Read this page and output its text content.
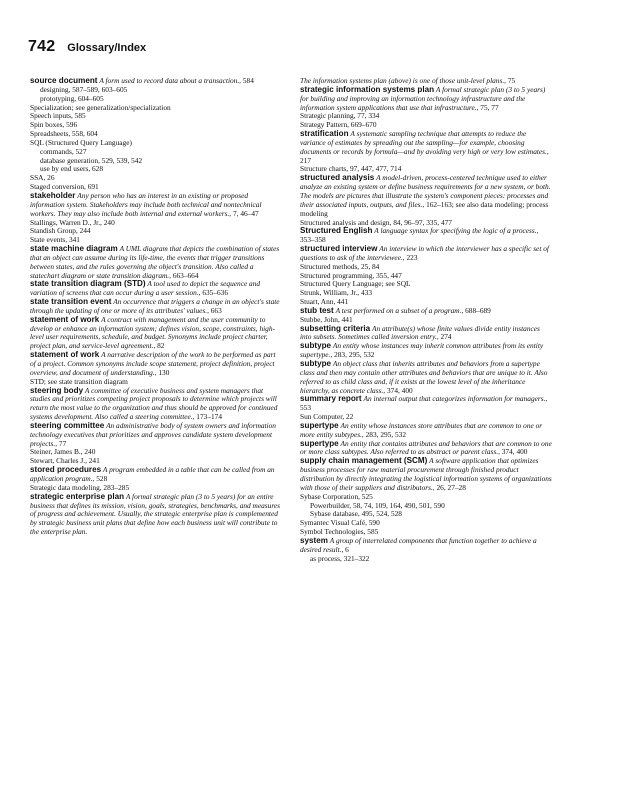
742 Glossary/Index

source document A form used to record data about a transaction., 584

designing, 587–589, 603–605

prototyping, 604–605

Specialization; see generalization/specialization

Speech inputs, 585

Spin boxes, 596

Spreadsheets, 558, 604

SQL (Structured Query Language)

commands, 527

database generation, 529, 539, 542

use by end users, 628

SSA, 26

Staged conversion, 691

stakeholder Any person who has an interest in an existing or proposed information system. Stakeholders may include both technical and nontechnical workers. They may also include both internal and external workers., 7, 46–47

Stallings, Warren D., Jr., 240

Standish Group, 244

State events, 341

state machine diagram A UML diagram that depicts the combination of states that an object can assume during its life-time, the events that trigger transitions between states, and the rules governing the object's transition. Also called a statechart diagram or state transition diagram., 663–664

state transition diagram (STD) A tool used to depict the sequence and variation of screens that can occur during a user session., 635–636

state transition event An occurrence that triggers a change in an object's state through the updating of one or more of its attributes' values., 663

statement of work A contract with management and the user community to develop or enhance an information system; defines vision, scope, constraints, high-level user requirements, schedule, and budget. Synonyms include project charter, project plan, and service-level agreement., 82

statement of work A narrative description of the work to be performed as part of a project. Common synonyms include scope statement, project definition, project overview, and document of understanding., 130

STD; see state transition diagram

steering body A committee of executive business and system managers that studies and prioritizes competing project proposals to determine which projects will return the most value to the organization and thus should be approved for continued systems development. Also called a steering committee., 173–174

steering committee An administrative body of system owners and information technology executives that prioritizes and approves candidate system development projects., 77

Steiner, James B., 240

Stewart, Charles J., 241

stored procedures A program embedded in a table that can be called from an application program., 528

Strategic data modeling, 283–285

strategic enterprise plan A formal strategic plan (3 to 5 years) for an entire business that defines its mission, vision, goals, strategies, benchmarks, and measures of progress and achievement. Usually, the strategic enterprise plan is complemented by strategic business unit plans that define how each business unit will contribute to the enterprise plan.

The information systems plan (above) is one of those unit-level plans., 75

strategic information systems plan A formal strategic plan (3 to 5 years) for building and improving an information technology infrastructure and the information system applications that use that infrastructure., 75, 77

Strategic planning, 77, 334

Strategy Pattern, 669–670

stratification A systematic sampling technique that attempts to reduce the variance of estimates by spreading out the sampling—for example, choosing documents or records by formula—and by avoiding very high or very low estimates., 217

Structure charts, 97, 447, 477, 714

structured analysis A model-driven, process-centered technique used to either analyze an existing system or define business requirements for a new system, or both. The models are pictures that illustrate the system's component pieces: processes and their associated inputs, outputs, and files., 162–163; see also data modeling; process modeling

Structured analysis and design, 84, 96–97, 335, 477

Structured English A language syntax for specifying the logic of a process., 353–358

structured interview An interview in which the interviewer has a specific set of questions to ask of the interviewee., 223

Structured methods, 25, 84

Structured programming, 355, 447

Structured Query Language; see SQL

Strunk, William, Jr., 433

Stuart, Ann, 441

stub test A test performed on a subset of a program., 688–689

Stubbe, John, 441

subsetting criteria An attribute(s) whose finite values divide entity instances into subsets. Sometimes called inversion entry., 274

subtype An entity whose instances may inherit common attributes from its entity supertype., 283, 295, 532

subtype An object class that inherits attributes and behaviors from a supertype class and then may contain other attributes and behaviors that are unique to it. Also referred to as child class and, if it exists at the lowest level of the inheritance hierarchy, as concrete class., 374, 400

summary report An internal output that categorizes information for managers., 553

Sun Computer, 22

supertype An entity whose instances store attributes that are common to one or more entity subtypes., 283, 295, 532

supertype An entity that contains attributes and behaviors that are common to one or more class subtypes. Also referred to as abstract or parent class., 374, 400

supply chain management (SCM) A software application that optimizes business processes for raw material procurement through finished product distribution by directly integrating the logistical information systems of organizations with those of their suppliers and distributors., 26, 27–28

Sybase Corporation, 525

Powerbuilder, 58, 74, 109, 164, 490, 501, 590

Sybase database, 495, 524, 528

Symantec Visual Café, 590

Symbol Technologies, 585

system A group of interrelated components that function together to achieve a desired result., 6

as process, 321–322
